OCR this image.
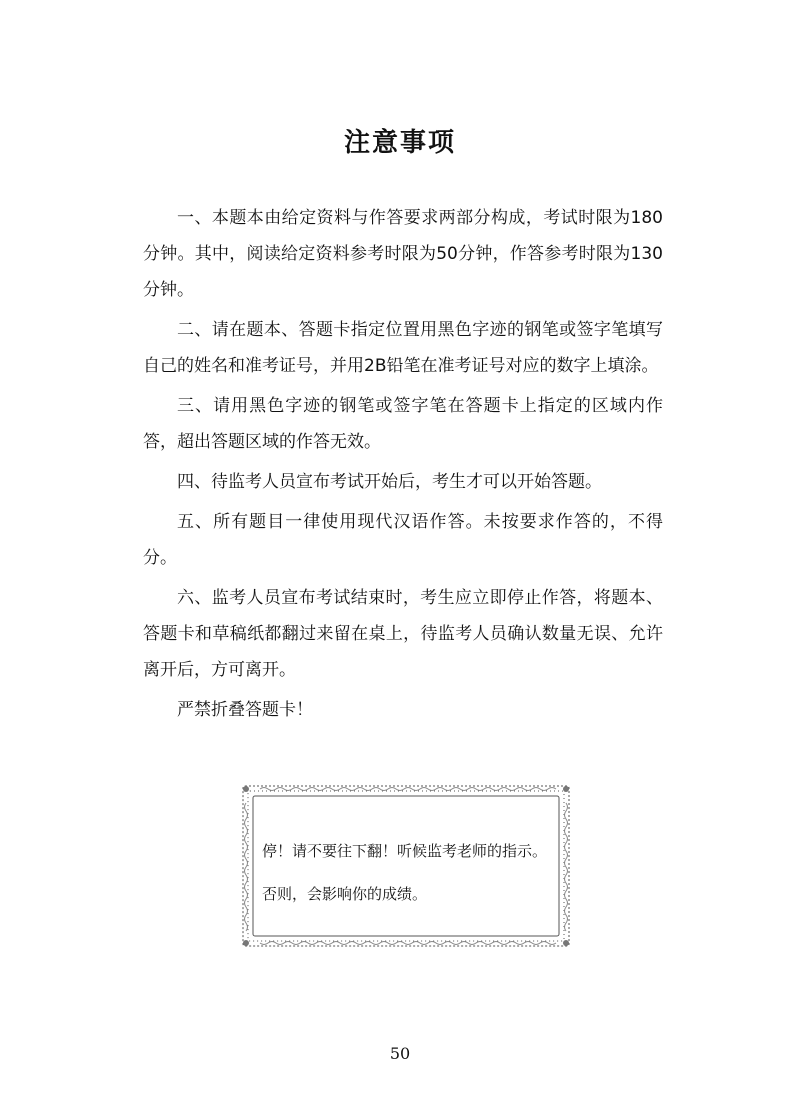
注意事项

一、本题本由给定资料与作答要求两部分构成，考试时限为180分钟。其中，阅读给定资料参考时限为50分钟，作答参考时限为130分钟。

二、请在题本、答题卡指定位置用黑色字迹的钢笔或签字笔填写自己的姓名和准考证号，并用2B铅笔在准考证号对应的数字上填涂。

三、请用黑色字迹的钢笔或签字笔在答题卡上指定的区域内作答，超出答题区域的作答无效。

四、待监考人员宣布考试开始后，考生才可以开始答题。

五、所有题目一律使用现代汉语作答。未按要求作答的，不得分。

六、监考人员宣布考试结束时，考生应立即停止作答，将题本、答题卡和草稿纸都翻过来留在桌上，待监考人员确认数量无误、允许离开后，方可离开。

严禁折叠答题卡！

停！请不要往下翻！听候监考老师的指示。

否则，会影响你的成绩。

50
